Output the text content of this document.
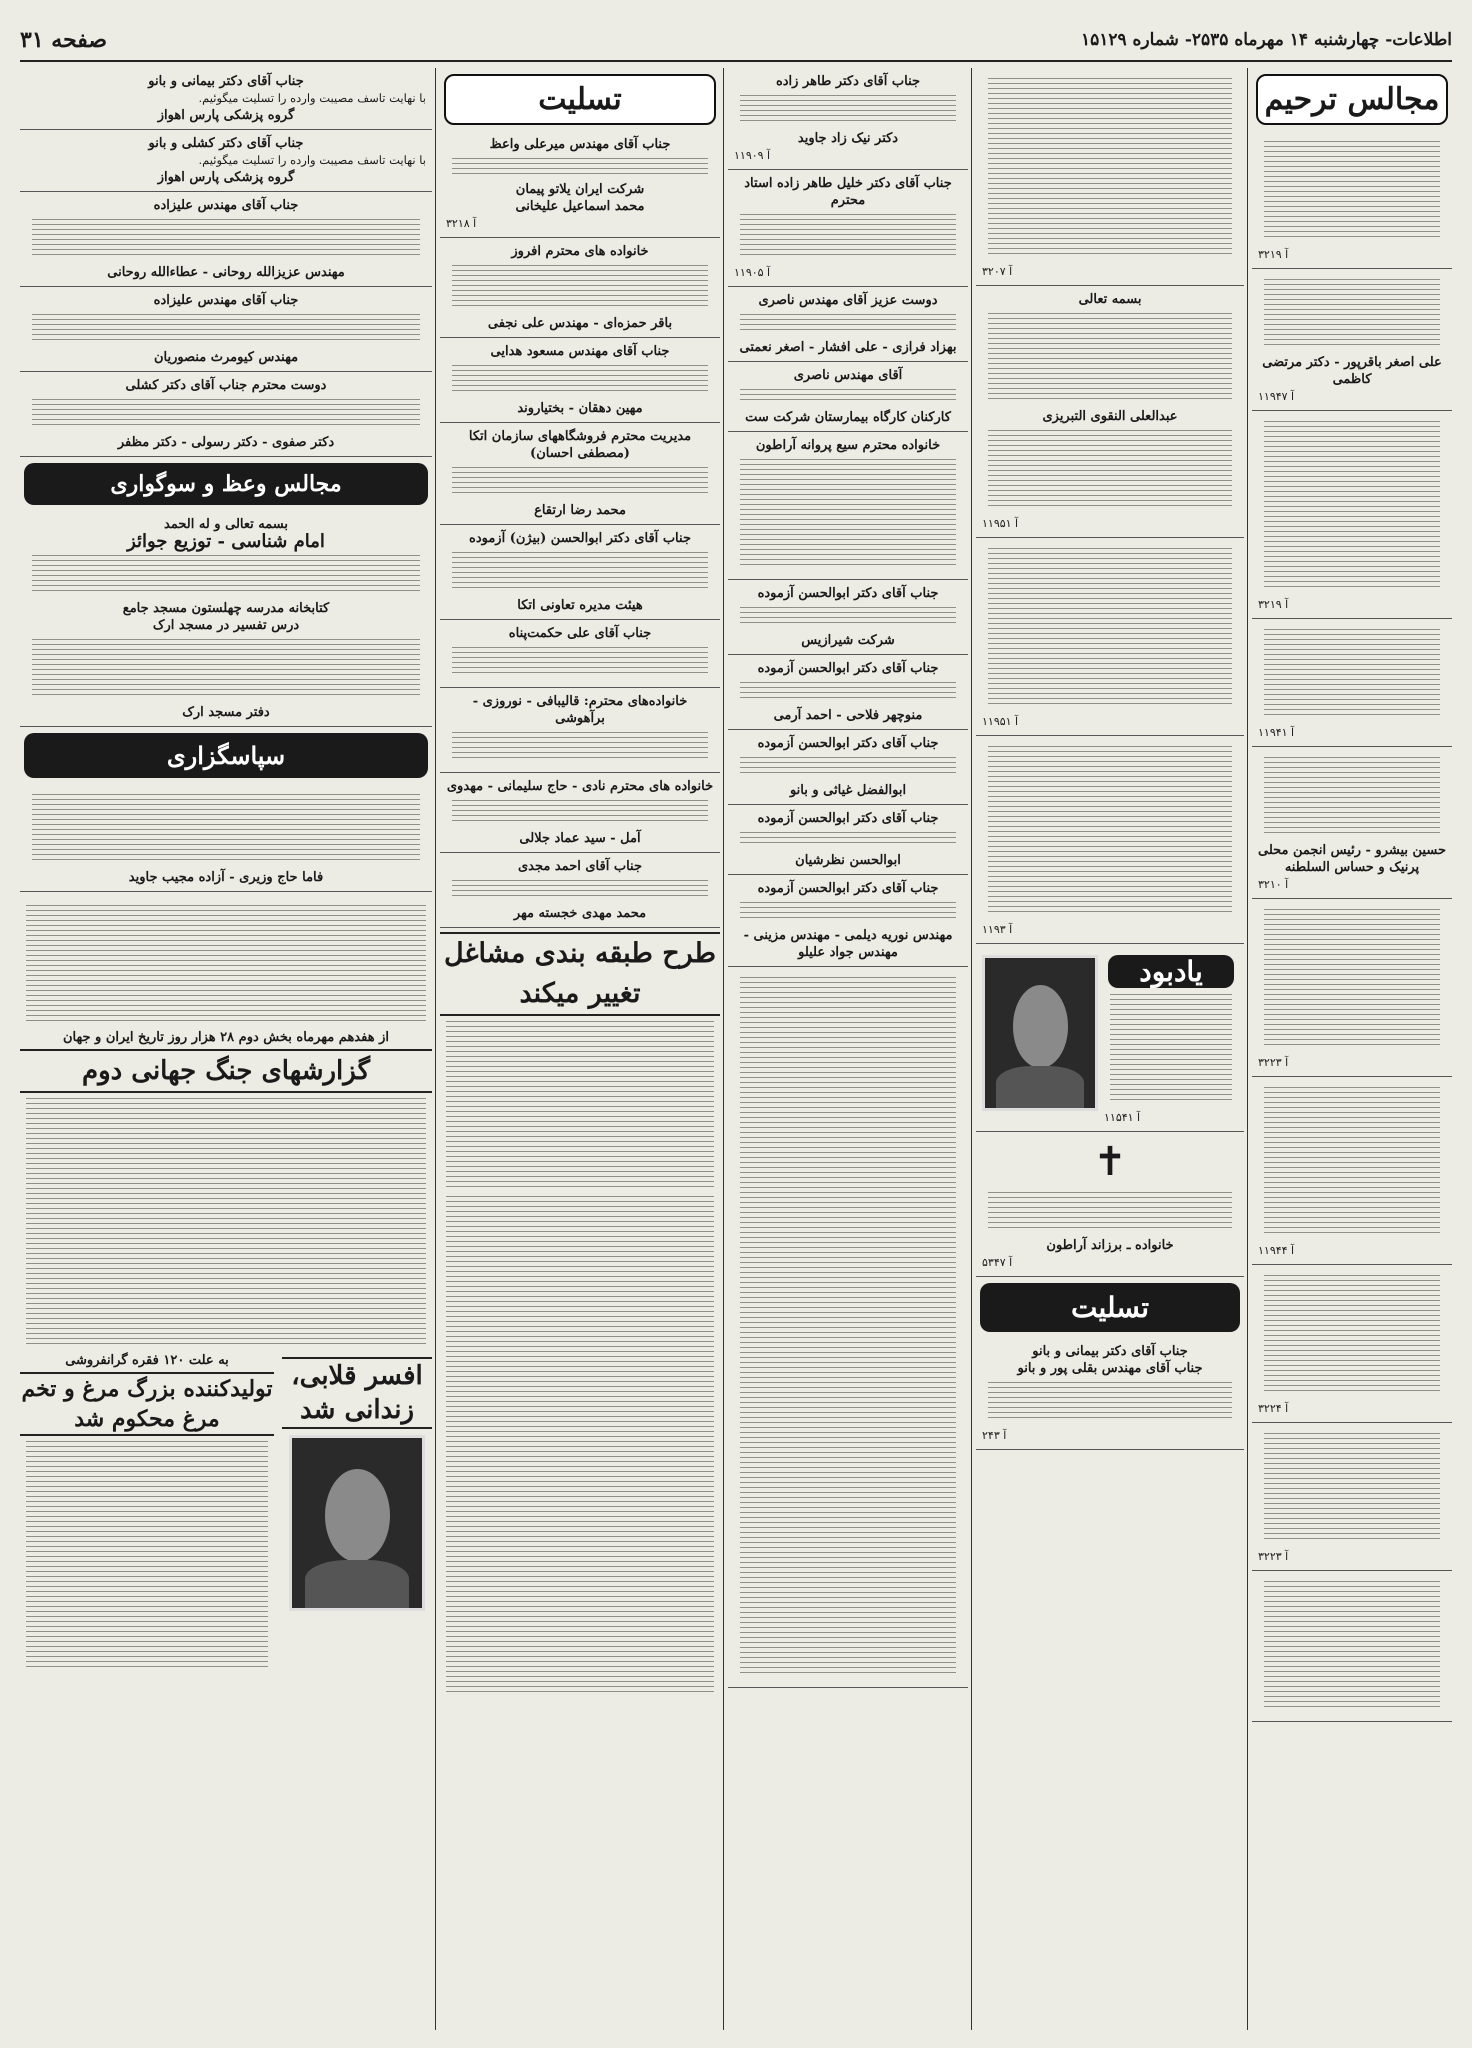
اطلاعات- چهارشنبه ۱۴ مهرماه ۲۵۳۵- شماره ۱۵۱۲۹
صفحه ۳۱
مجالس ترحیم
آ ۳۲۱۹
علی اصغر باقرپور - دکتر مرتضی کاظمی
آ ۱۱۹۴۷
آ ۳۲۱۹
آ ۱۱۹۴۱
حسین بیشرو - رئیس انجمن محلی پرنیک و حساس السلطنه
آ ۳۲۱۰
آ ۳۲۲۳
آ ۱۱۹۴۴
آ ۳۲۲۴
آ ۳۲۲۳
آ ۳۲۰۷
بسمه تعالی
عبدالعلی النقوی التبریزی
آ ۱۱۹۵۱
آ ۱۱۹۵۱
آ ۱۱۹۳
یادبود
آ ۱۱۵۴۱
✝
خانواده ـ برزاند آراطون
آ ۵۳۴۷
تسلیت
جناب آقای دکتر بیمانی و بانو
جناب آقای مهندس بقلی پور و بانو
آ ۲۴۳
جناب آقای دکتر طاهر زاده
دکتر نیک زاد جاوید
آ ۱۱۹۰۹
جناب آقای دکتر خلیل طاهر زاده استاد محترم
آ ۱۱۹۰۵
دوست عزیز آقای مهندس ناصری
بهزاد فرازی - علی افشار - اصغر نعمتی
آقای مهندس ناصری
کارکنان کارگاه بیمارستان شرکت ست
خانواده محترم سیع پروانه آراطون
جناب آقای دکتر ابوالحسن آزموده
شرکت شیرازیس
جناب آقای دکتر ابوالحسن آزموده
منوچهر فلاحی - احمد آرمی
جناب آقای دکتر ابوالحسن آزموده
ابوالفضل غیاثی و بانو
جناب آقای دکتر ابوالحسن آزموده
ابوالحسن نظرشیان
جناب آقای دکتر ابوالحسن آزموده
مهندس نوریه دیلمی - مهندس مزینی - مهندس جواد علیلو
تسلیت
جناب آقای مهندس میرعلی واعظ
شرکت ایران یلاتو پیمان
محمد اسماعیل علیخانی
آ ۳۲۱۸
خانواده های محترم افروز
باقر حمزه‌ای - مهندس علی نجفی
جناب آقای مهندس مسعود هدایی
مهین دهقان - بختیاروند
مدیریت محترم فروشگاههای سازمان اتکا (مصطفی احسان)
محمد رضا ارتقاع
جناب آقای دکتر ابوالحسن (بیژن) آزموده
هیئت مدیره تعاونی اتکا
جناب آقای علی حکمت‌پناه
خانواده‌های محترم: قالیبافی - نوروزی - برآهوشی
خانواده های محترم نادی - حاج سلیمانی - مهدوی
آمل - سید عماد جلالی
جناب آقای احمد مجدی
محمد مهدی خجسته مهر
طرح طبقه بندی مشاغل تغییر میکند
جناب آقای دکتر بیمانی و بانو
با نهایت تاسف مصیبت وارده را تسلیت میگوئیم.
گروه پزشکی پارس اهواز
جناب آقای دکتر کشلی و بانو
با نهایت تاسف مصیبت وارده را تسلیت میگوئیم.
گروه پزشکی پارس اهواز
جناب آقای مهندس علیزاده
مهندس عزیزالله روحانی - عطاءالله روحانی
جناب آقای مهندس علیزاده
مهندس کیومرث منصوریان
دوست محترم جناب آقای دکتر کشلی
دکتر صفوی - دکتر رسولی - دکتر مظفر
مجالس وعظ و سوگواری
بسمه تعالی و له الحمد
امام شناسی - توزیع جوائز
کتابخانه مدرسه چهلستون مسجد جامع
درس تفسیر در مسجد ارک
دفتر مسجد ارک
سپاسگزاری
فاما حاج وزیری - آزاده مجیب جاوید
از هفدهم مهرماه بخش دوم ۲۸ هزار روز تاریخ ایران و جهان
گزارشهای جنگ جهانی دوم
افسر قلابی، زندانی شد
به علت ۱۲۰ فقره گرانفروشی
تولیدکننده بزرگ مرغ و تخم مرغ محکوم شد
